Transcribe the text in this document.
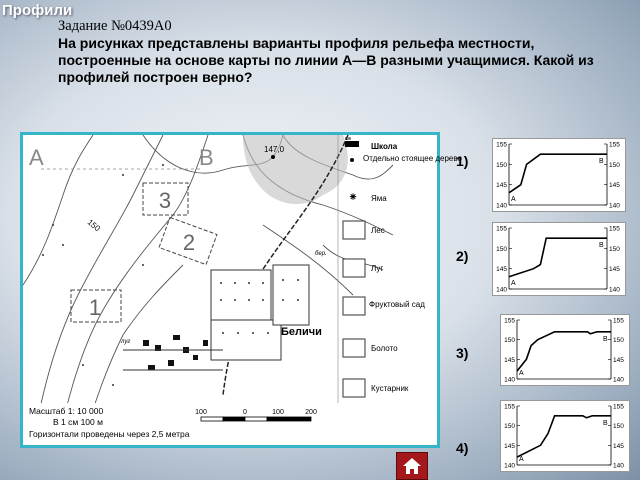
Профили
Задание №0439А0
На рисунках представлены варианты профиля рельефа местности, построенные на основе карты по линии А—В разными учащимися. Какой из профилей построен верно?
1
2
3
A	B	147,0
150
Беличи
луг
бер.
шк
⁕
Школа
Отдельно стоящее дерево
Яма
Лес
Луг
Фруктовый сад
Болото
Кустарник
Масштаб 1: 10 000
В 1 см 100 м
Горизонтали проведены через 2,5 метра
100	0	100	200
1)
2)
3)
4)
155	155
150	150
145	145
140	140
A
B
155	155
150	150
145	145
140	140
A
B
155	155
150	150
145	145
140	140
A
B
155	155
150	150
145	145
140	140
A
B
